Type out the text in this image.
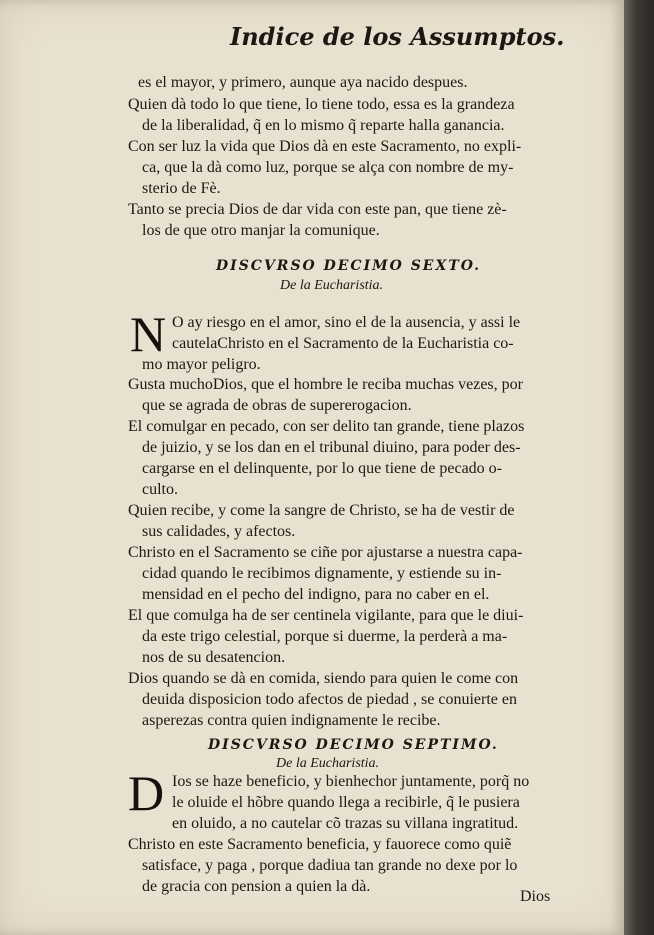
Indice de los Assumptos.
es el mayor, y primero, aunque aya nacido despues.
Quien dà todo lo que tiene, lo tiene todo, essa es la grandeza
de la liberalidad, q̃ en lo mismo q̃ reparte halla ganancia.
Con ser luz la vida que Dios dà en este Sacramento, no expli-
ca, que la dà como luz, porque se alça con nombre de my-
sterio de Fè.
Tanto se precia Dios de dar vida con este pan, que tiene zè-
los de que otro manjar la comunique.
DISCVRSO DECIMO SEXTO.
De la Eucharistia.
N O ay riesgo en el amor, sino el de la ausencia, y assi le
cautelaChristo en el Sacramento de la Eucharistia co-
mo mayor peligro.
Gusta muchoDios, que el hombre le reciba muchas vezes, por
que se agrada de obras de supererogacion.
El comulgar en pecado, con ser delito tan grande, tiene plazos
de juizio, y se los dan en el tribunal diuino, para poder des-
cargarse en el delinquente, por lo que tiene de pecado o-
culto.
Quien recibe, y come la sangre de Christo, se ha de vestir de
sus calidades, y afectos.
Christo en el Sacramento se ciñe por ajustarse a nuestra capa-
cidad quando le recibimos dignamente, y estiende su in-
mensidad en el pecho del indigno, para no caber en el.
El que comulga ha de ser centinela vigilante, para que le diui-
da este trigo celestial, porque si duerme, la perderà a ma-
nos de su desatencion.
Dios quando se dà en comida, siendo para quien le come con
deuida disposicion todo afectos de piedad , se conuierte en
asperezas contra quien indignamente le recibe.
DISCVRSO DECIMO SEPTIMO.
De la Eucharistia.
D Ios se haze beneficio, y bienhechor juntamente, porq̃ no
le oluide el hõbre quando llega a recibirle, q̃ le pusiera
en oluido, a no cautelar cõ trazas su villana ingratitud.
Christo en este Sacramento beneficia, y fauorece como quiẽ
satisface, y paga , porque dadiua tan grande no dexe por lo
de gracia con pension a quien la dà.
Dios
